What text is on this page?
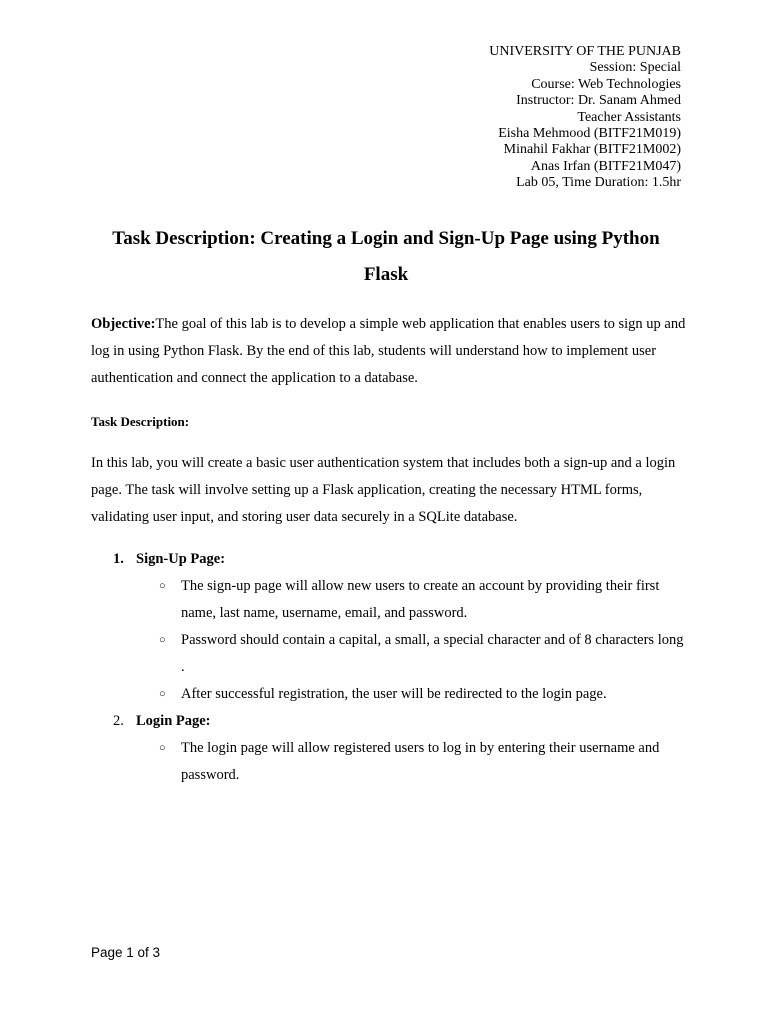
UNIVERSITY OF THE PUNJAB
Session: Special
Course: Web Technologies
Instructor: Dr. Sanam Ahmed
Teacher Assistants
Eisha Mehmood (BITF21M019)
Minahil Fakhar (BITF21M002)
Anas Irfan (BITF21M047)
Lab 05, Time Duration: 1.5hr
Task Description: Creating a Login and Sign-Up Page using Python
Flask
Objective:The goal of this lab is to develop a simple web application that enables users to sign up and log in using Python Flask. By the end of this lab, students will understand how to implement user authentication and connect the application to a database.
Task Description:
In this lab, you will create a basic user authentication system that includes both a sign-up and a login page. The task will involve setting up a Flask application, creating the necessary HTML forms, validating user input, and storing user data securely in a SQLite database.
1. Sign-Up Page:
○ The sign-up page will allow new users to create an account by providing their first name, last name, username, email, and password.
○ Password should contain a capital, a small, a special character and of 8 characters long .
○ After successful registration, the user will be redirected to the login page.
2. Login Page:
○ The login page will allow registered users to log in by entering their username and password.
Page 1 of 3
